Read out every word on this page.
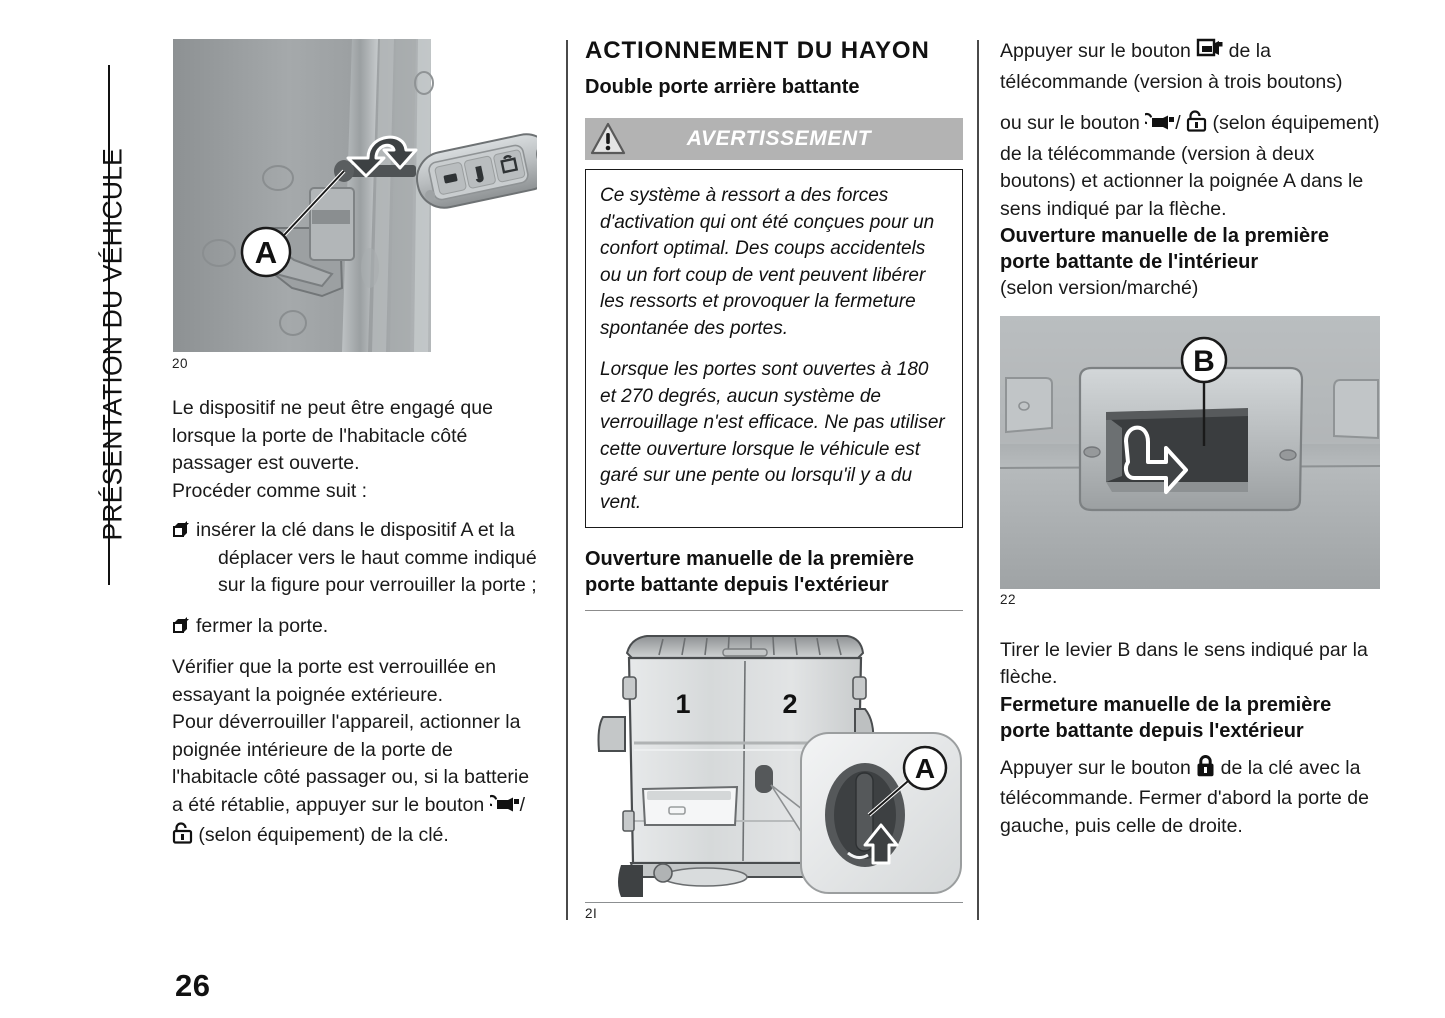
PRÉSENTATION DU VÉHICULE	A
20

Le dispositif ne peut être engagé que lorsque la porte de l'habitacle côté passager est ouverte.

Procéder comme suit :

insérer la clé dans le dispositif A et la
déplacer vers le haut comme indiqué sur la figure pour verrouiller la porte ;
fermer la porte.

Vérifier que la porte est verrouillée en essayant la poignée extérieure.

Pour déverrouiller l'appareil, actionner la poignée intérieure de la porte de l'habitacle côté passager ou, si la batterie a été rétablie, appuyer sur le bouton /  (selon équipement) de la clé.

ACTIONNEMENT DU HAYON
Double porte arrière battante
AVERTISSEMENT

Ce système à ressort a des forces d'activation qui ont été conçues pour un confort optimal. Des coups accidentels ou un fort coup de vent peuvent libérer les ressorts et provoquer la fermeture spontanée des portes.

Lorsque les portes sont ouvertes à 180 et 270 degrés, aucun système de verrouillage n'est efficace. Ne pas utiliser cette ouverture lorsque le véhicule est garé sur une pente ou lorsqu'il y a du vent.

Ouverture manuelle de la première porte battante depuis l'extérieur
1	2
A
2I

Appuyer sur le bouton de la télécommande (version à trois boutons)

ou sur le bouton / (selon équipement) de la télécommande (version à deux boutons) et actionner la poignée A dans le sens indiqué par la flèche.

Ouverture manuelle de la première porte battante de l'intérieur

(selon version/marché)

B
22

Tirer le levier B dans le sens indiqué par la flèche.

Fermeture manuelle de la première porte battante depuis l'extérieur

Appuyer sur le bouton de la clé avec la télécommande. Fermer d'abord la porte de gauche, puis celle de droite.

26
